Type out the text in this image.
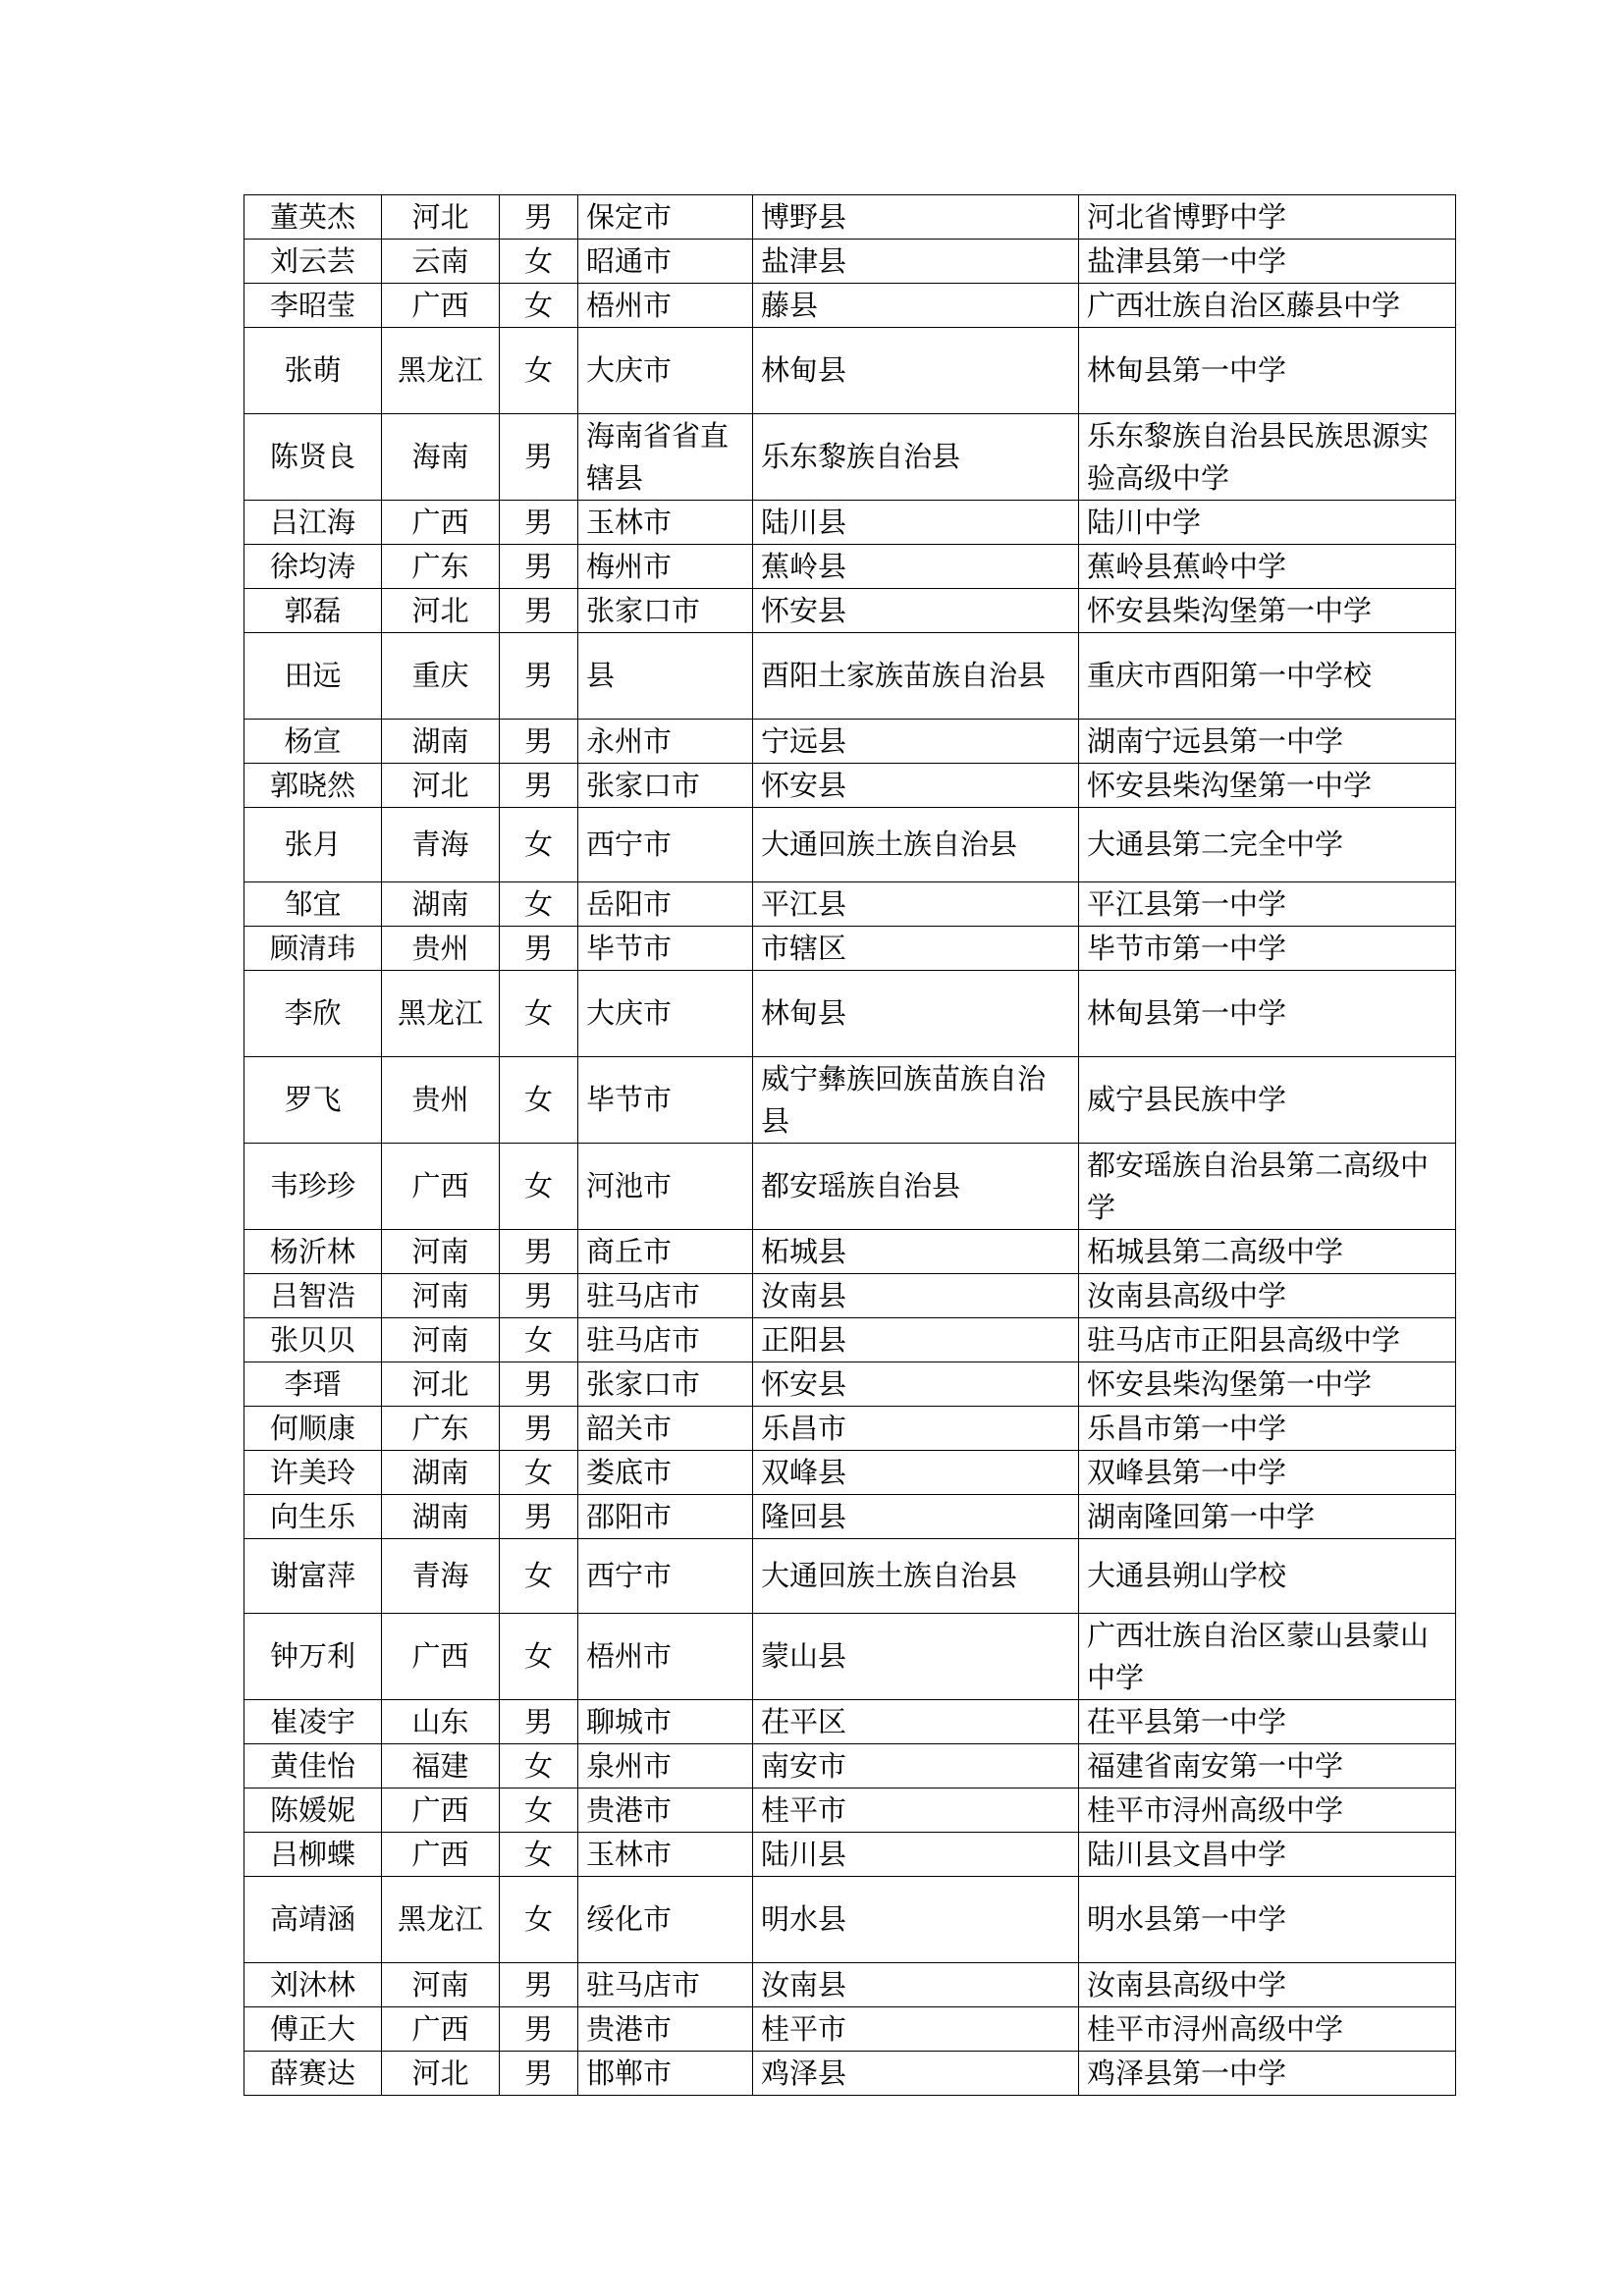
董英杰	河北	男	保定市	博野县	河北省博野中学
刘云芸	云南	女	昭通市	盐津县	盐津县第一中学
李昭莹	广西	女	梧州市	藤县	广西壮族自治区藤县中学
张萌	黑龙江	女	大庆市	林甸县	林甸县第一中学
陈贤良	海南	男	海南省省直辖县	乐东黎族自治县	乐东黎族自治县民族思源实验高级中学
吕江海	广西	男	玉林市	陆川县	陆川中学
徐均涛	广东	男	梅州市	蕉岭县	蕉岭县蕉岭中学
郭磊	河北	男	张家口市	怀安县	怀安县柴沟堡第一中学
田远	重庆	男	县	酉阳土家族苗族自治县	重庆市酉阳第一中学校
杨宣	湖南	男	永州市	宁远县	湖南宁远县第一中学
郭晓然	河北	男	张家口市	怀安县	怀安县柴沟堡第一中学
张月	青海	女	西宁市	大通回族土族自治县	大通县第二完全中学
邹宜	湖南	女	岳阳市	平江县	平江县第一中学
顾清玮	贵州	男	毕节市	市辖区	毕节市第一中学
李欣	黑龙江	女	大庆市	林甸县	林甸县第一中学
罗飞	贵州	女	毕节市	威宁彝族回族苗族自治县	威宁县民族中学
韦珍珍	广西	女	河池市	都安瑶族自治县	都安瑶族自治县第二高级中学
杨沂林	河南	男	商丘市	柘城县	柘城县第二高级中学
吕智浩	河南	男	驻马店市	汝南县	汝南县高级中学
张贝贝	河南	女	驻马店市	正阳县	驻马店市正阳县高级中学
李瑨	河北	男	张家口市	怀安县	怀安县柴沟堡第一中学
何顺康	广东	男	韶关市	乐昌市	乐昌市第一中学
许美玲	湖南	女	娄底市	双峰县	双峰县第一中学
向生乐	湖南	男	邵阳市	隆回县	湖南隆回第一中学
谢富萍	青海	女	西宁市	大通回族土族自治县	大通县朔山学校
钟万利	广西	女	梧州市	蒙山县	广西壮族自治区蒙山县蒙山中学
崔凌宇	山东	男	聊城市	茌平区	茌平县第一中学
黄佳怡	福建	女	泉州市	南安市	福建省南安第一中学
陈媛妮	广西	女	贵港市	桂平市	桂平市浔州高级中学
吕柳蝶	广西	女	玉林市	陆川县	陆川县文昌中学
高靖涵	黑龙江	女	绥化市	明水县	明水县第一中学
刘沐林	河南	男	驻马店市	汝南县	汝南县高级中学
傅正大	广西	男	贵港市	桂平市	桂平市浔州高级中学
薛赛达	河北	男	邯郸市	鸡泽县	鸡泽县第一中学
